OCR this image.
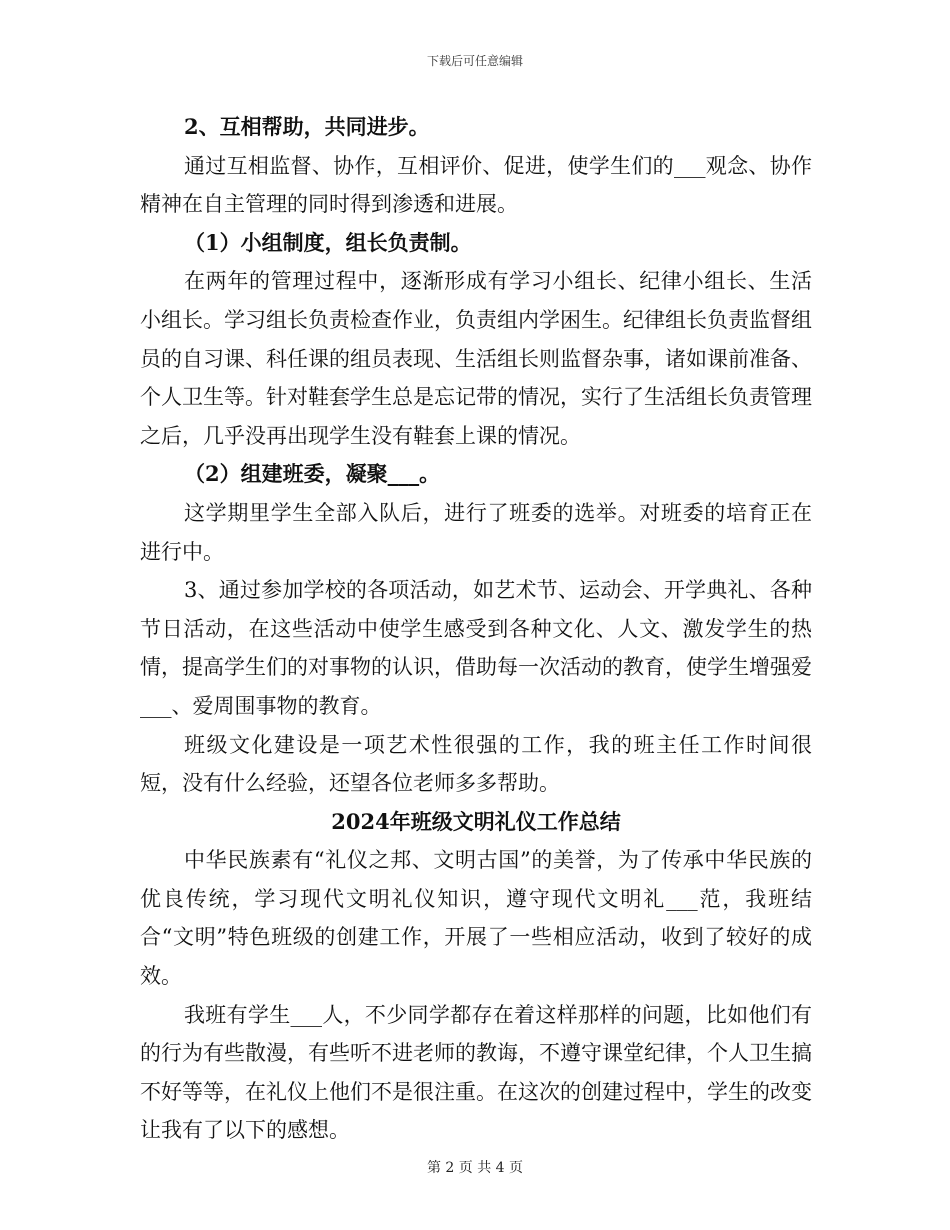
下载后可任意编辑

2、互相帮助，共同进步。

通过互相监督、协作，互相评价、促进，使学生们的___观念、协作精神在自主管理的同时得到渗透和进展。

（1）小组制度，组长负责制。

在两年的管理过程中，逐渐形成有学习小组长、纪律小组长、生活小组长。学习组长负责检查作业，负责组内学困生。纪律组长负责监督组员的自习课、科任课的组员表现、生活组长则监督杂事，诸如课前准备、个人卫生等。针对鞋套学生总是忘记带的情况，实行了生活组长负责管理之后，几乎没再出现学生没有鞋套上课的情况。

（2）组建班委，凝聚___。

这学期里学生全部入队后，进行了班委的选举。对班委的培育正在进行中。

3、通过参加学校的各项活动，如艺术节、运动会、开学典礼、各种节日活动，在这些活动中使学生感受到各种文化、人文、激发学生的热情，提高学生们的对事物的认识，借助每一次活动的教育，使学生增强爱___、爱周围事物的教育。

班级文化建设是一项艺术性很强的工作，我的班主任工作时间很短，没有什么经验，还望各位老师多多帮助。

2024年班级文明礼仪工作总结

中华民族素有“礼仪之邦、文明古国”的美誉，为了传承中华民族的优良传统，学习现代文明礼仪知识，遵守现代文明礼___范，我班结合“文明”特色班级的创建工作，开展了一些相应活动，收到了较好的成效。

我班有学生___人，不少同学都存在着这样那样的问题，比如他们有的行为有些散漫，有些听不进老师的教诲，不遵守课堂纪律，个人卫生搞不好等等，在礼仪上他们不是很注重。在这次的创建过程中，学生的改变让我有了以下的感想。

第 2 页 共 4 页
